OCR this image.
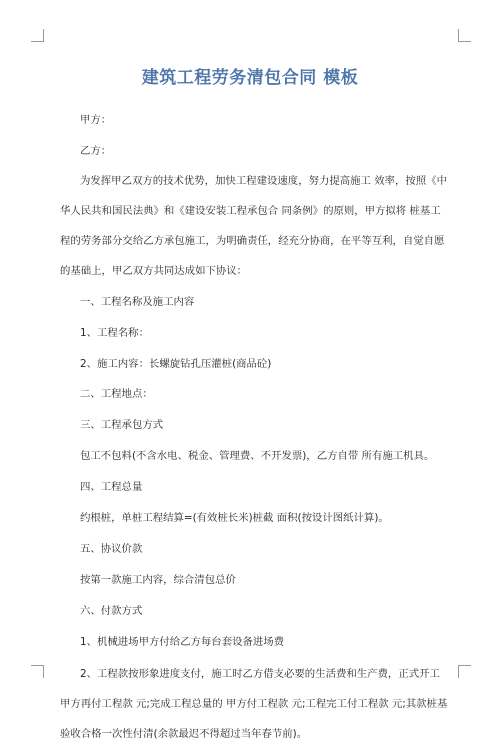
建筑工程劳务清包合同 模板

甲方：

乙方：

为发挥甲乙双方的技术优势，加快工程建设速度，努力提高施工 效率，按照《中

华人民共和国民法典》和《建设安装工程承包合 同条例》的原则，甲方拟将 桩基工

程的劳务部分交给乙方承包施工，为明确责任，经充分协商，在平等互利，自觉自愿

的基础上，甲乙双方共同达成如下协议：

一、工程名称及施工内容

1、工程名称：

2、施工内容：长螺旋钻孔压灌桩(商品砼)

二、工程地点：

三、工程承包方式

包工不包料(不含水电、税金、管理费、不开发票)，乙方自带 所有施工机具。

四、工程总量

约根桩，单桩工程结算=(有效桩长米)桩截 面积(按设计图纸计算)。

五、协议价款

按第一款施工内容，综合清包总价

六、付款方式

1、机械进场甲方付给乙方每台套设备进场费

2、工程款按形象进度支付，施工时乙方借支必要的生活费和生产费，正式开工

甲方再付工程款 元;完成工程总量的 甲方付工程款 元;工程完工付工程款 元;其款桩基

验收合格一次性付清(余款最迟不得超过当年春节前)。
